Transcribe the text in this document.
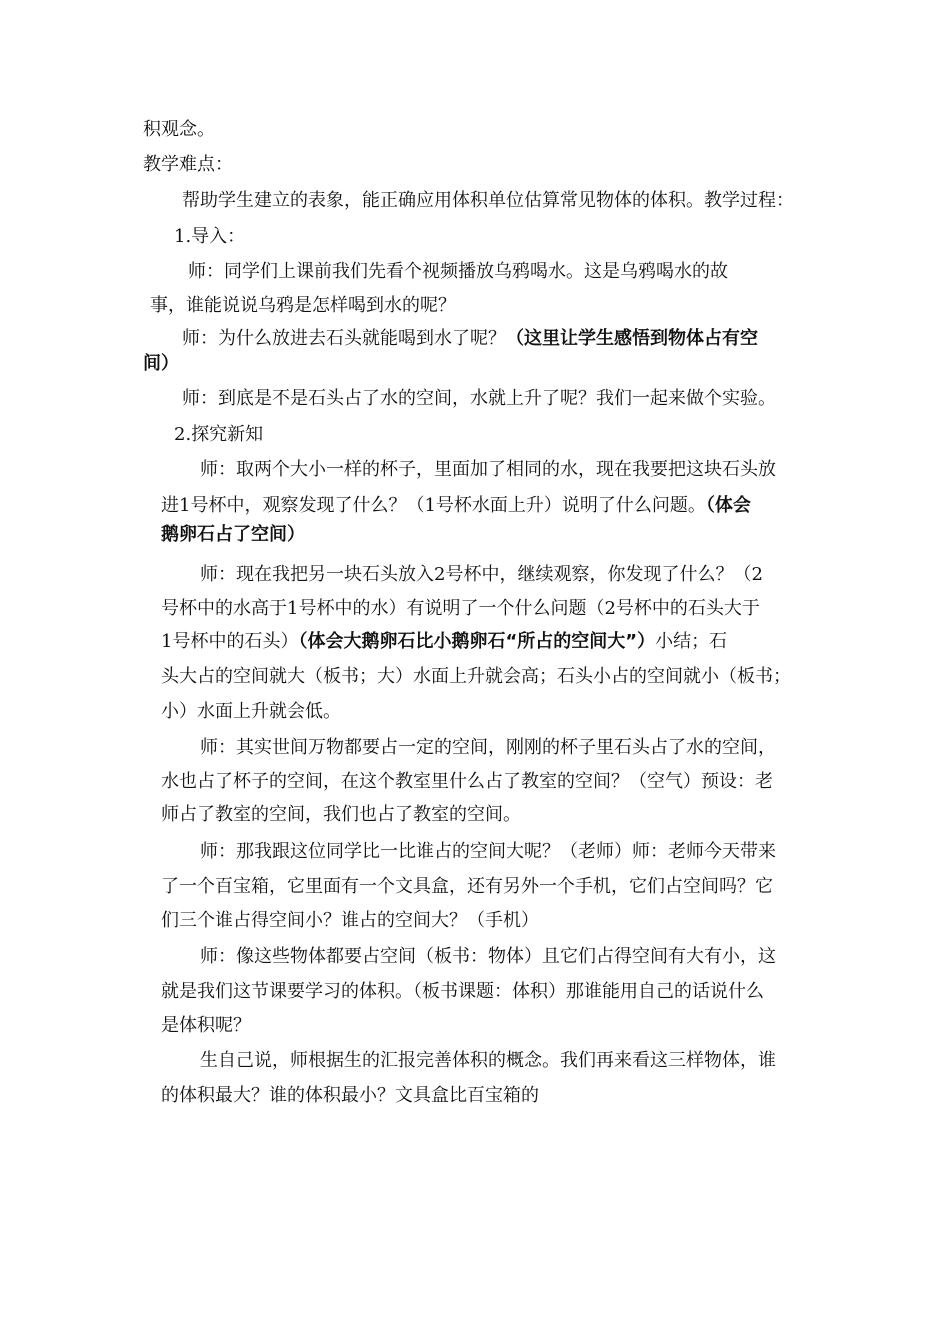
积观念。

教学难点：

帮助学生建立的表象，能正确应用体积单位估算常见物体的体积。教学过程：

1.导入：

师：同学们上课前我们先看个视频播放乌鸦喝水。这是乌鸦喝水的故

事，谁能说说乌鸦是怎样喝到水的呢？

师：为什么放进去石头就能喝到水了呢？（这里让学生感悟到物体占有空

间）

师：到底是不是石头占了水的空间，水就上升了呢？我们一起来做个实验。

2.探究新知

师：取两个大小一样的杯子，里面加了相同的水，现在我要把这块石头放

进1号杯中，观察发现了什么？（1号杯水面上升）说明了什么问题。（体会

鹅卵石占了空间）

师：现在我把另一块石头放入2号杯中，继续观察，你发现了什么？（2

号杯中的水高于1号杯中的水）有说明了一个什么问题（2号杯中的石头大于

1号杯中的石头）（体会大鹅卵石比小鹅卵石“所占的空间大”）小结；石

头大占的空间就大（板书；大）水面上升就会高；石头小占的空间就小（板书；

小）水面上升就会低。

师：其实世间万物都要占一定的空间，刚刚的杯子里石头占了水的空间，

水也占了杯子的空间，在这个教室里什么占了教室的空间？（空气）预设：老

师占了教室的空间，我们也占了教室的空间。

师：那我跟这位同学比一比谁占的空间大呢？（老师）师：老师今天带来

了一个百宝箱，它里面有一个文具盒，还有另外一个手机，它们占空间吗？它

们三个谁占得空间小？谁占的空间大？（手机）

师：像这些物体都要占空间（板书：物体）且它们占得空间有大有小，这

就是我们这节课要学习的体积。（板书课题：体积）那谁能用自己的话说什么

是体积呢？

生自己说，师根据生的汇报完善体积的概念。我们再来看这三样物体，谁

的体积最大？谁的体积最小？文具盒比百宝箱的
